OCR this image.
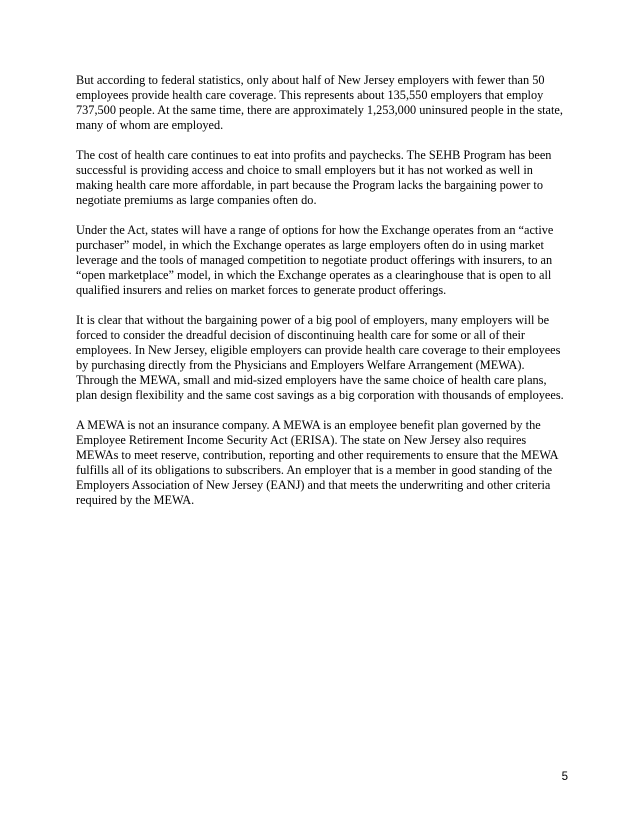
But according to federal statistics, only about half of New Jersey employers with fewer than 50 employees provide health care coverage. This represents about 135,550 employers that employ 737,500 people. At the same time, there are approximately 1,253,000 uninsured people in the state, many of whom are employed.

The cost of health care continues to eat into profits and paychecks. The SEHB Program has been successful is providing access and choice to small employers but it has not worked as well in making health care more affordable, in part because the Program lacks the bargaining power to negotiate premiums as large companies often do.

Under the Act, states will have a range of options for how the Exchange operates from an “active purchaser” model, in which the Exchange operates as large employers often do in using market leverage and the tools of managed competition to negotiate product offerings with insurers, to an “open marketplace” model, in which the Exchange operates as a clearinghouse that is open to all qualified insurers and relies on market forces to generate product offerings.

It is clear that without the bargaining power of a big pool of employers, many employers will be forced to consider the dreadful decision of discontinuing health care for some or all of their employees. In New Jersey, eligible employers can provide health care coverage to their employees by purchasing directly from the Physicians and Employers Welfare Arrangement (MEWA). Through the MEWA, small and mid-sized employers have the same choice of health care plans, plan design flexibility and the same cost savings as a big corporation with thousands of employees.

A MEWA is not an insurance company. A MEWA is an employee benefit plan governed by the Employee Retirement Income Security Act (ERISA). The state on New Jersey also requires MEWAs to meet reserve, contribution, reporting and other requirements to ensure that the MEWA fulfills all of its obligations to subscribers. An employer that is a member in good standing of the Employers Association of New Jersey (EANJ) and that meets the underwriting and other criteria required by the MEWA.

5
